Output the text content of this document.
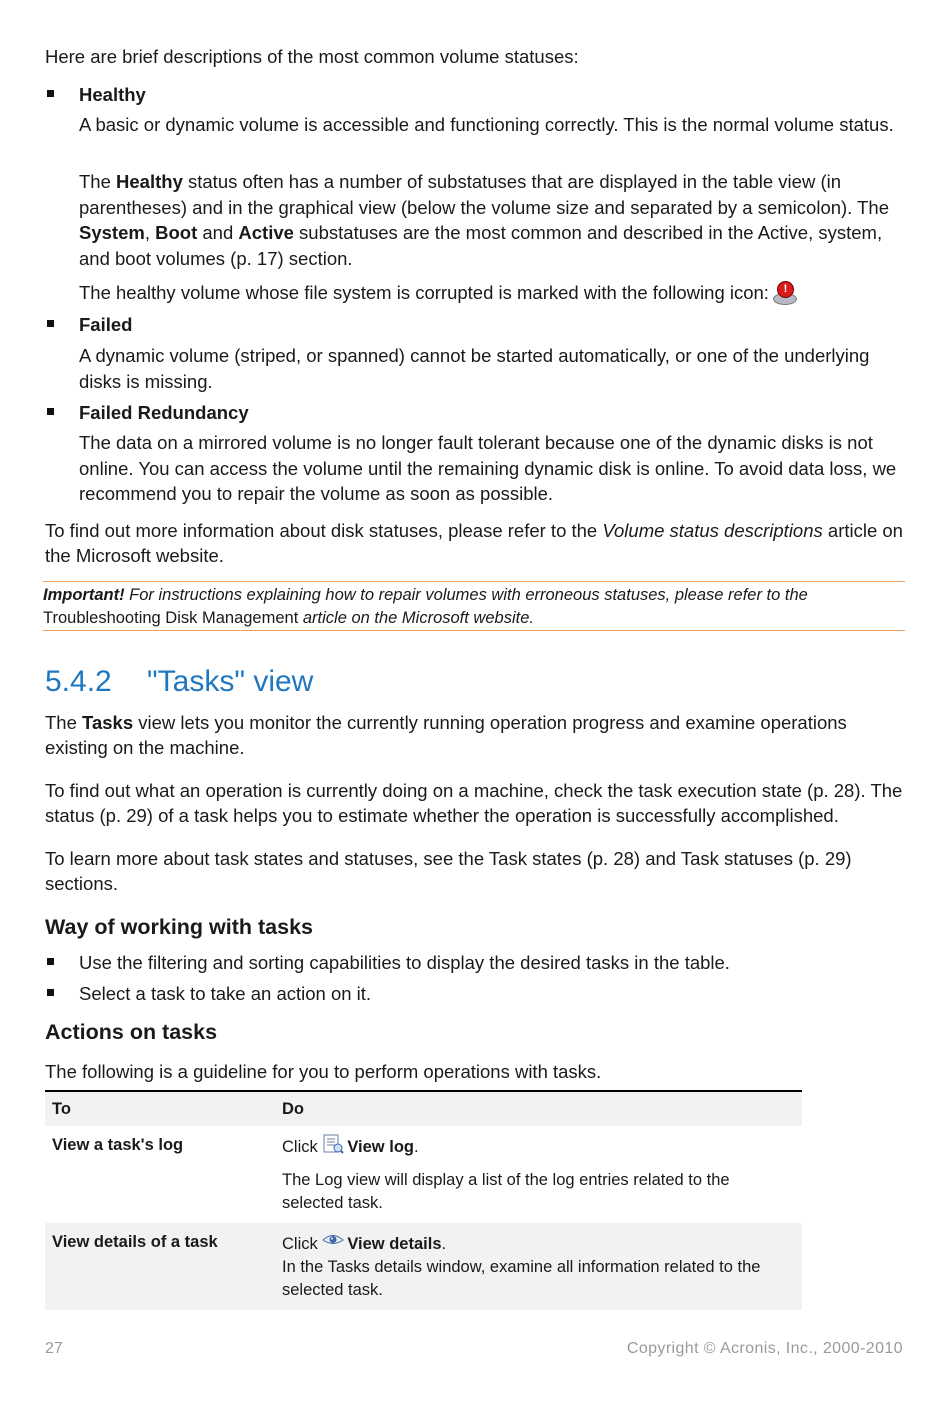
Here are brief descriptions of the most common volume statuses:

Healthy

A basic or dynamic volume is accessible and functioning correctly. This is the normal volume status.

The Healthy status often has a number of substatuses that are displayed in the table view (in parentheses) and in the graphical view (below the volume size and separated by a semicolon). The System, Boot and Active substatuses are the most common and described in the Active, system, and boot volumes (p. 17) section.

The healthy volume whose file system is corrupted is marked with the following icon:	!

Failed

A dynamic volume (striped, or spanned) cannot be started automatically, or one of the underlying disks is missing.

Failed Redundancy

The data on a mirrored volume is no longer fault tolerant because one of the dynamic disks is not online. You can access the volume until the remaining dynamic disk is online. To avoid data loss, we recommend you to repair the volume as soon as possible.

To find out more information about disk statuses, please refer to the Volume status descriptions article on the Microsoft website.

Important! For instructions explaining how to repair volumes with erroneous statuses, please refer to the
Troubleshooting Disk Management article on the Microsoft website.
5.4.2 "Tasks" view

The Tasks view lets you monitor the currently running operation progress and examine operations existing on the machine.

To find out what an operation is currently doing on a machine, check the task execution state (p. 28). The status (p. 29) of a task helps you to estimate whether the operation is successfully accomplished.

To learn more about task states and statuses, see the Task states (p. 28) and Task statuses (p. 29) sections.

Way of working with tasks
Use the filtering and sorting capabilities to display the desired tasks in the table.
Select a task to take an action on it.
Actions on tasks

The following is a guideline for you to perform operations with tasks.

To	Do
View a task's log	Click View log.
The Log view will display a list of the log entries related to the selected task.

View details of a task	Click View details.
In the Tasks details window, examine all information related to the selected task.
27	Copyright © Acronis, Inc., 2000-2010
